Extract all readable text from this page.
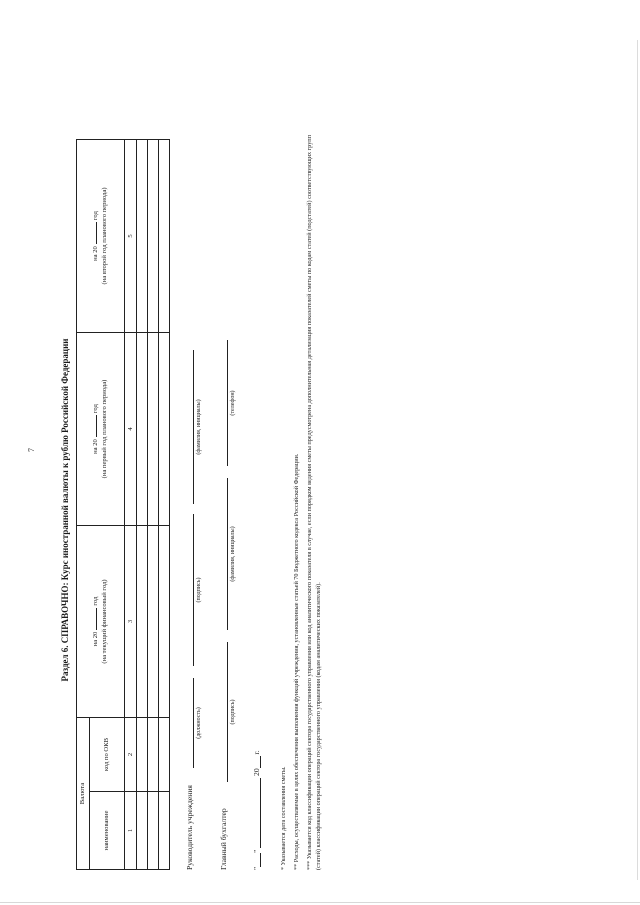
7	Раздел 6. СПРАВОЧНО: Курс иностранной валюты к рублю Российской Федерации
Валюта		на 20год (на текущий финансовый год)	на 20год (на первый год планового периода)	на 20год (на второй год планового периода)

наименование	код по ОКВ			
1	2	3	4	5

Руководитель учреждения
(должность)
(подпись)
(фамилия, инициалы)
Главный бухгалтер
(подпись)
(фамилия, инициалы)
(телефон)
""  20 г.

* Указывается дата составления сметы. ** Расходы, осуществляемые в целях обеспечения выполнения функций учреждения, установленные статьей 70 Бюджетного кодекса Российской Федерации. *** Указывается код классификации операций сектора государственного управления или код аналитического показателя в случае, если порядком ведения сметы предусмотрена дополнительная детализация показателей сметы по кодам статей (подстатей) соответствующих групп (статей) классификации операций сектора государственного управления (кодам аналитических показателей).
